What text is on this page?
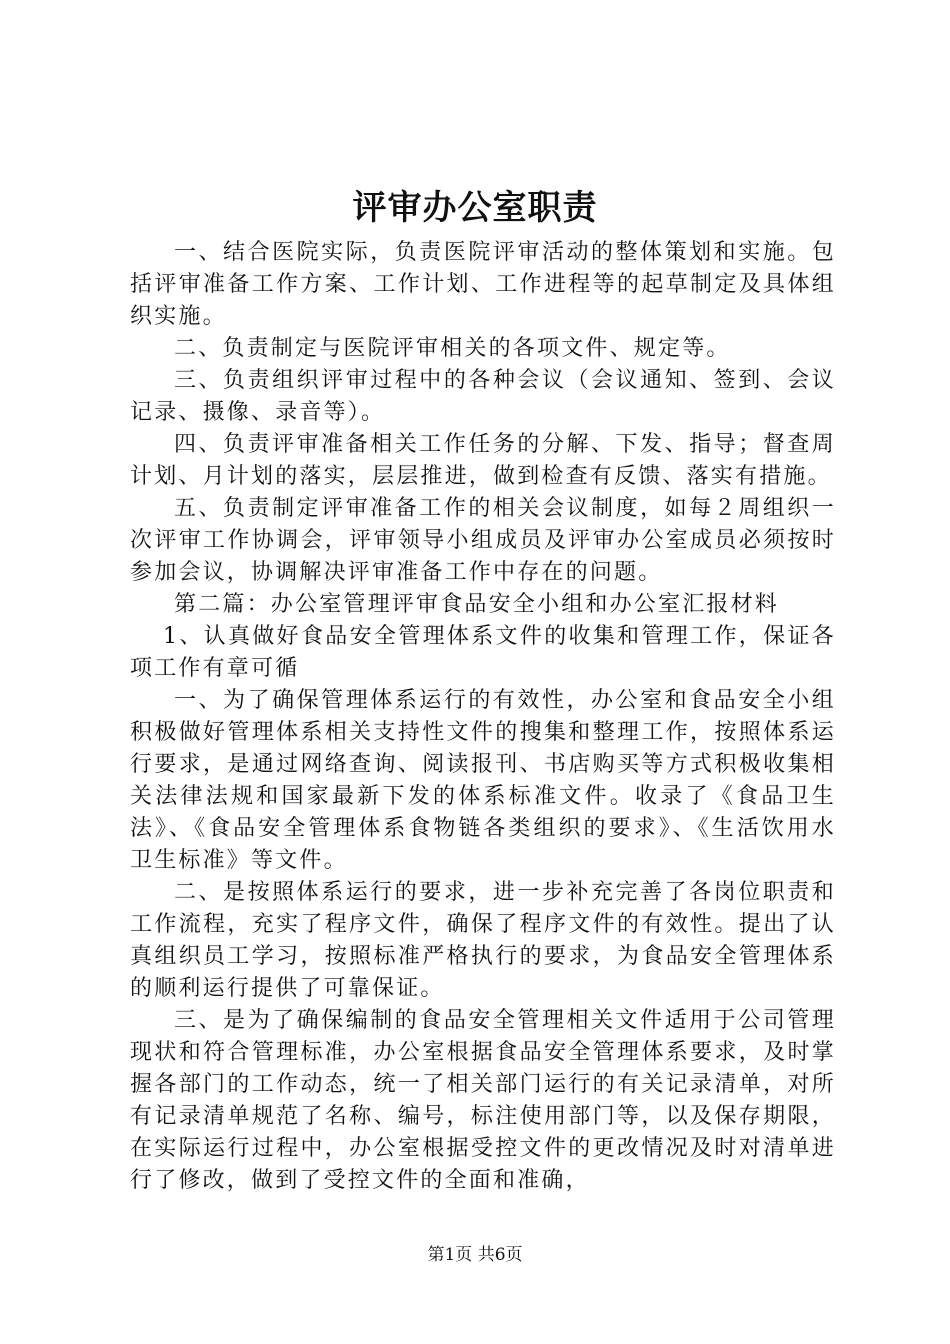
评审办公室职责

一、结合医院实际，负责医院评审活动的整体策划和实施。包括评审准备工作方案、工作计划、工作进程等的起草制定及具体组织实施。

二、负责制定与医院评审相关的各项文件、规定等。

三、负责组织评审过程中的各种会议（会议通知、签到、会议记录、摄像、录音等）。

四、负责评审准备相关工作任务的分解、下发、指导；督查周计划、月计划的落实，层层推进，做到检查有反馈、落实有措施。

五、负责制定评审准备工作的相关会议制度，如每２周组织一次评审工作协调会，评审领导小组成员及评审办公室成员必须按时参加会议，协调解决评审准备工作中存在的问题。

第二篇：办公室管理评审食品安全小组和办公室汇报材料

1、认真做好食品安全管理体系文件的收集和管理工作，保证各项工作有章可循

一、为了确保管理体系运行的有效性，办公室和食品安全小组积极做好管理体系相关支持性文件的搜集和整理工作，按照体系运行要求，是通过网络查询、阅读报刊、书店购买等方式积极收集相关法律法规和国家最新下发的体系标准文件。收录了《食品卫生法》、《食品安全管理体系食物链各类组织的要求》、《生活饮用水卫生标准》等文件。

二、是按照体系运行的要求，进一步补充完善了各岗位职责和工作流程，充实了程序文件，确保了程序文件的有效性。提出了认真组织员工学习，按照标准严格执行的要求，为食品安全管理体系的顺利运行提供了可靠保证。

三、是为了确保编制的食品安全管理相关文件适用于公司管理现状和符合管理标准，办公室根据食品安全管理体系要求，及时掌握各部门的工作动态，统一了相关部门运行的有关记录清单，对所有记录清单规范了名称、编号，标注使用部门等，以及保存期限，在实际运行过程中，办公室根据受控文件的更改情况及时对清单进行了修改，做到了受控文件的全面和准确，

第1页 共6页
